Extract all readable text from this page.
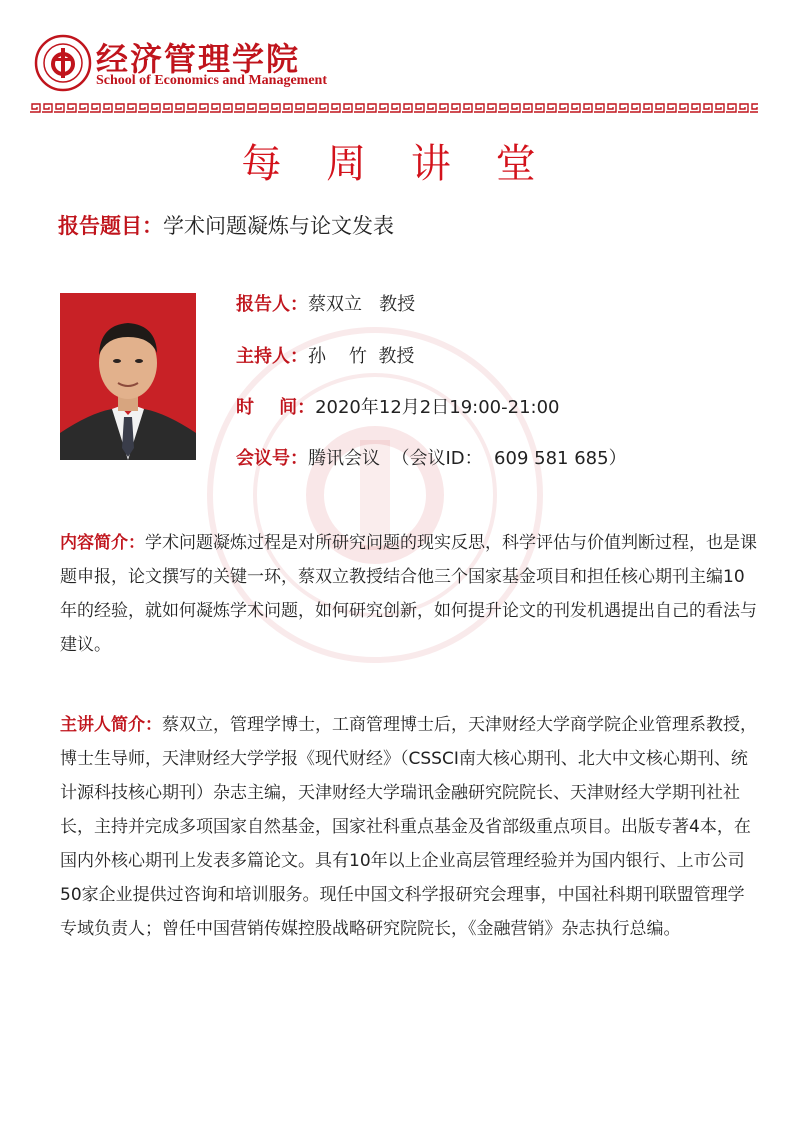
经济管理学院
School of Economics and Management
每 周 讲 堂
报告题目：学术问题凝炼与论文发表
报告人：蔡双立   教授
主持人：孙    竹  教授
时    间：2020年12月2日19:00-21:00
会议号：腾讯会议  （会议ID：  609 581 685）
内容简介：学术问题凝炼过程是对所研究问题的现实反思，科学评估与价值判断过程，也是课题申报，论文撰写的关键一环，蔡双立教授结合他三个国家基金项目和担任核心期刊主编10年的经验，就如何凝炼学术问题，如何研究创新，如何提升论文的刊发机遇提出自己的看法与建议。
主讲人简介：蔡双立，管理学博士，工商管理博士后，天津财经大学商学院企业管理系教授，博士生导师，天津财经大学学报《现代财经》（CSSCI南大核心期刊、北大中文核心期刊、统计源科技核心期刊）杂志主编，天津财经大学瑞讯金融研究院院长、天津财经大学期刊社社长，主持并完成多项国家自然基金，国家社科重点基金及省部级重点项目。出版专著4本，在国内外核心期刊上发表多篇论文。具有10年以上企业高层管理经验并为国内银行、上市公司50家企业提供过咨询和培训服务。现任中国文科学报研究会理事，中国社科期刊联盟管理学专域负责人；曾任中国营销传媒控股战略研究院院长，《金融营销》杂志执行总编。
